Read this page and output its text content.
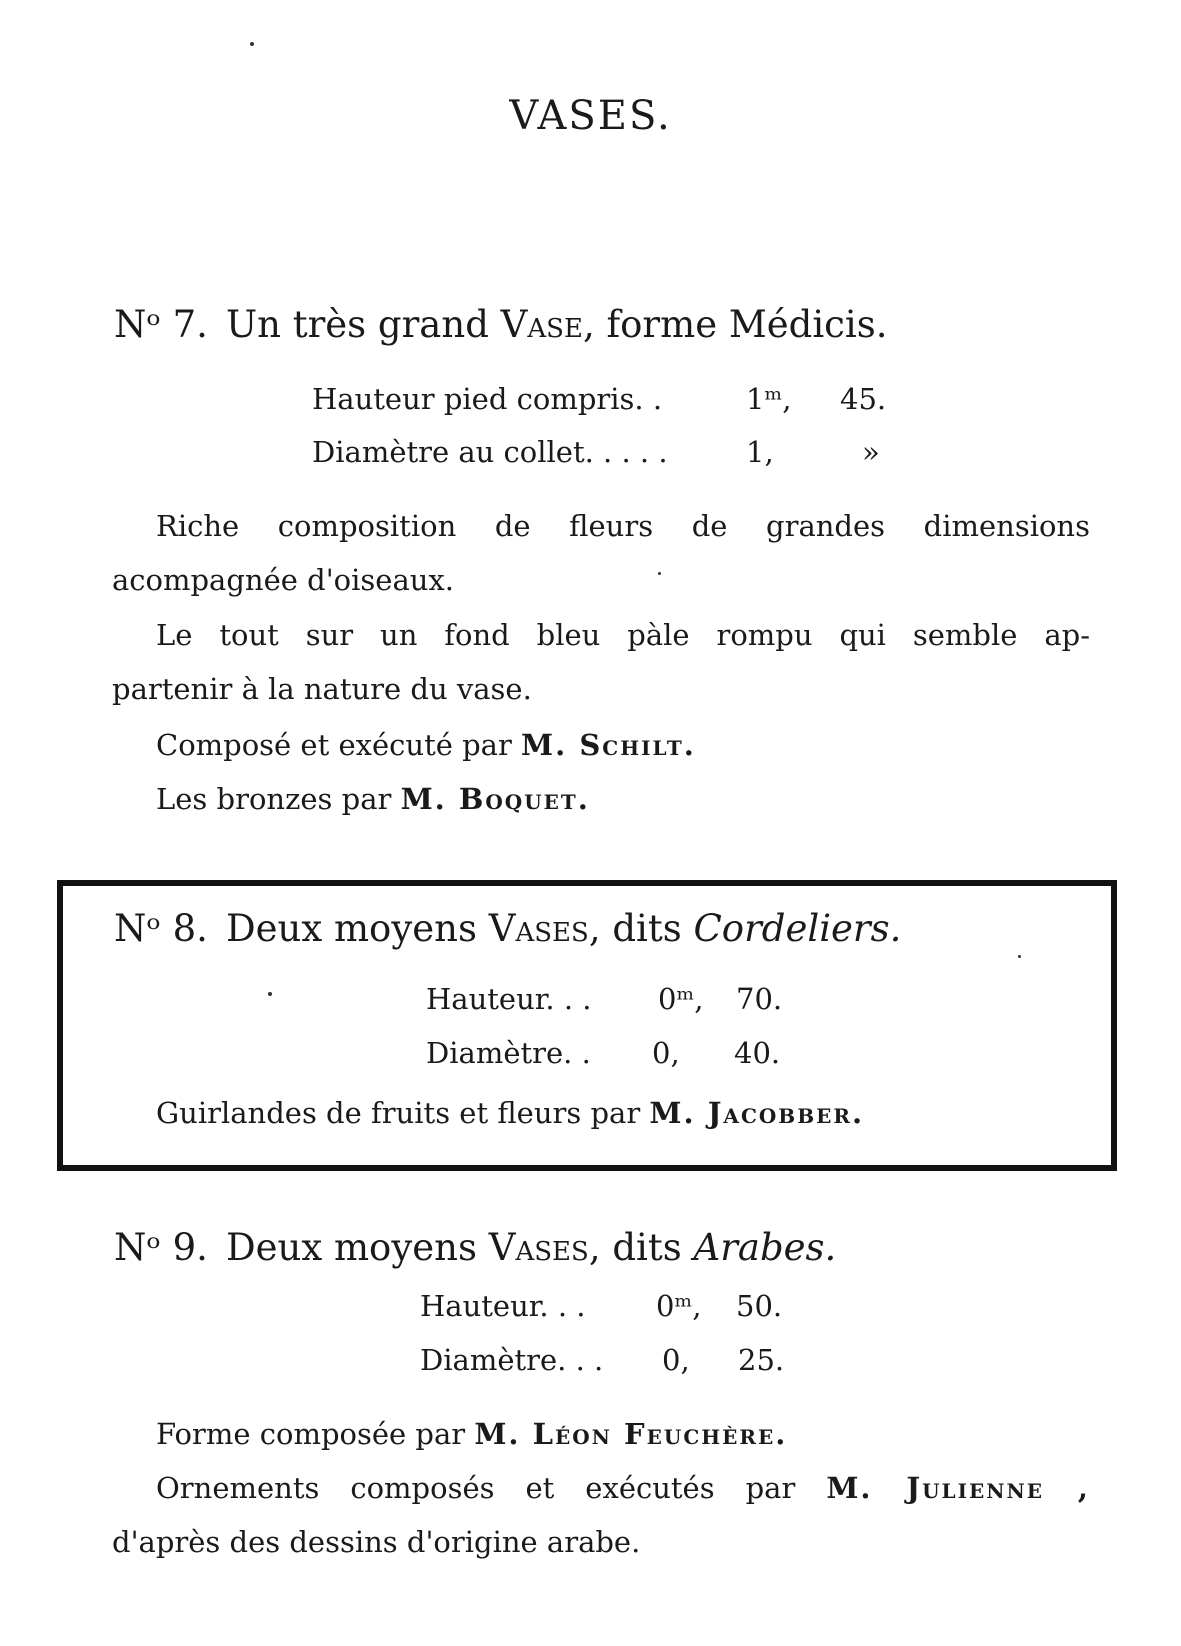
VASES.
Nᵒ 7. Un très grand Vase, forme Médicis.
Hauteur pied compris. .	1ᵐ, 45.
Diamètre au collet. . . . .	1,	»
Riche composition de fleurs de grandes dimensions
acompagnée d'oiseaux.
Le tout sur un fond bleu pàle rompu qui semble ap-
partenir à la nature du vase.
Composé et exécuté par M. Schilt.
Les bronzes par M. Boquet.
Nᵒ 8. Deux moyens Vases, dits Cordeliers.
Hauteur. . . 0ᵐ, 70.
Diamètre. . 0, 40.
Guirlandes de fruits et fleurs par M. Jacobber.
Nᵒ 9. Deux moyens Vases, dits Arabes.
Hauteur. . . 0ᵐ, 50.
Diamètre. . . 0, 25.
Forme composée par M. Léon Feuchère.
Ornements composés et exécutés par M. Julienne ,
d'après des dessins d'origine arabe.
